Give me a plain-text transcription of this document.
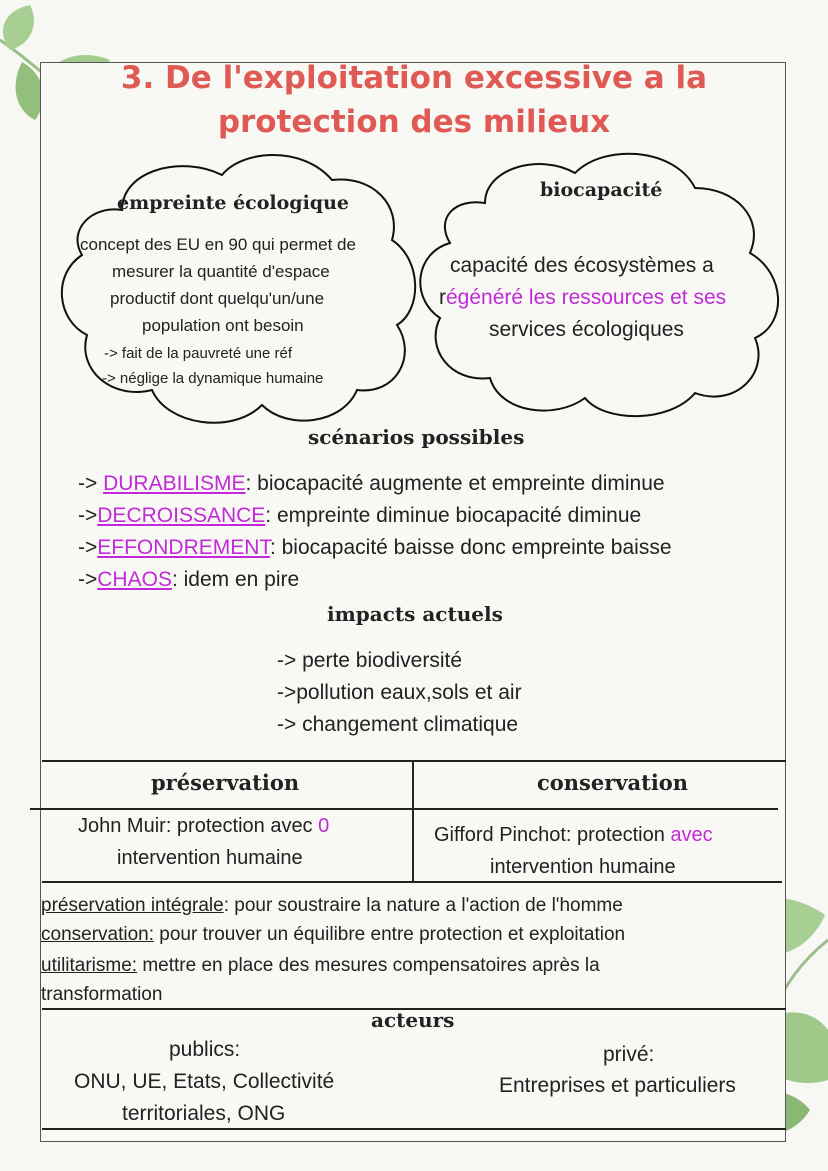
3. De l'exploitation excessive a la
protection des milieux
empreinte écologique
concept des EU en 90 qui permet de
mesurer la quantité d'espace
productif dont quelqu'un/une
population ont besoin
-> fait de la pauvreté une réf
-> néglige la dynamique humaine
biocapacité
capacité des écosystèmes a
régénéré les ressources et ses
services écologiques
scénarios possibles
-> DURABILISME: biocapacité augmente et empreinte diminue
->DECROISSANCE: empreinte diminue biocapacité diminue
->EFFONDREMENT: biocapacité baisse donc empreinte baisse
->CHAOS: idem en pire
impacts actuels
-> perte biodiversité
->pollution eaux,sols et air
-> changement climatique
préservation	conservation
John Muir: protection avec 0
intervention humaine
Gifford Pinchot: protection avec
intervention humaine
préservation intégrale: pour soustraire la nature a l'action de l'homme
conservation: pour trouver un équilibre entre protection et exploitation
utilitarisme: mettre en place des mesures compensatoires après la
transformation
acteurs
publics:
ONU, UE, Etats, Collectivité
territoriales, ONG
privé:
Entreprises et particuliers
